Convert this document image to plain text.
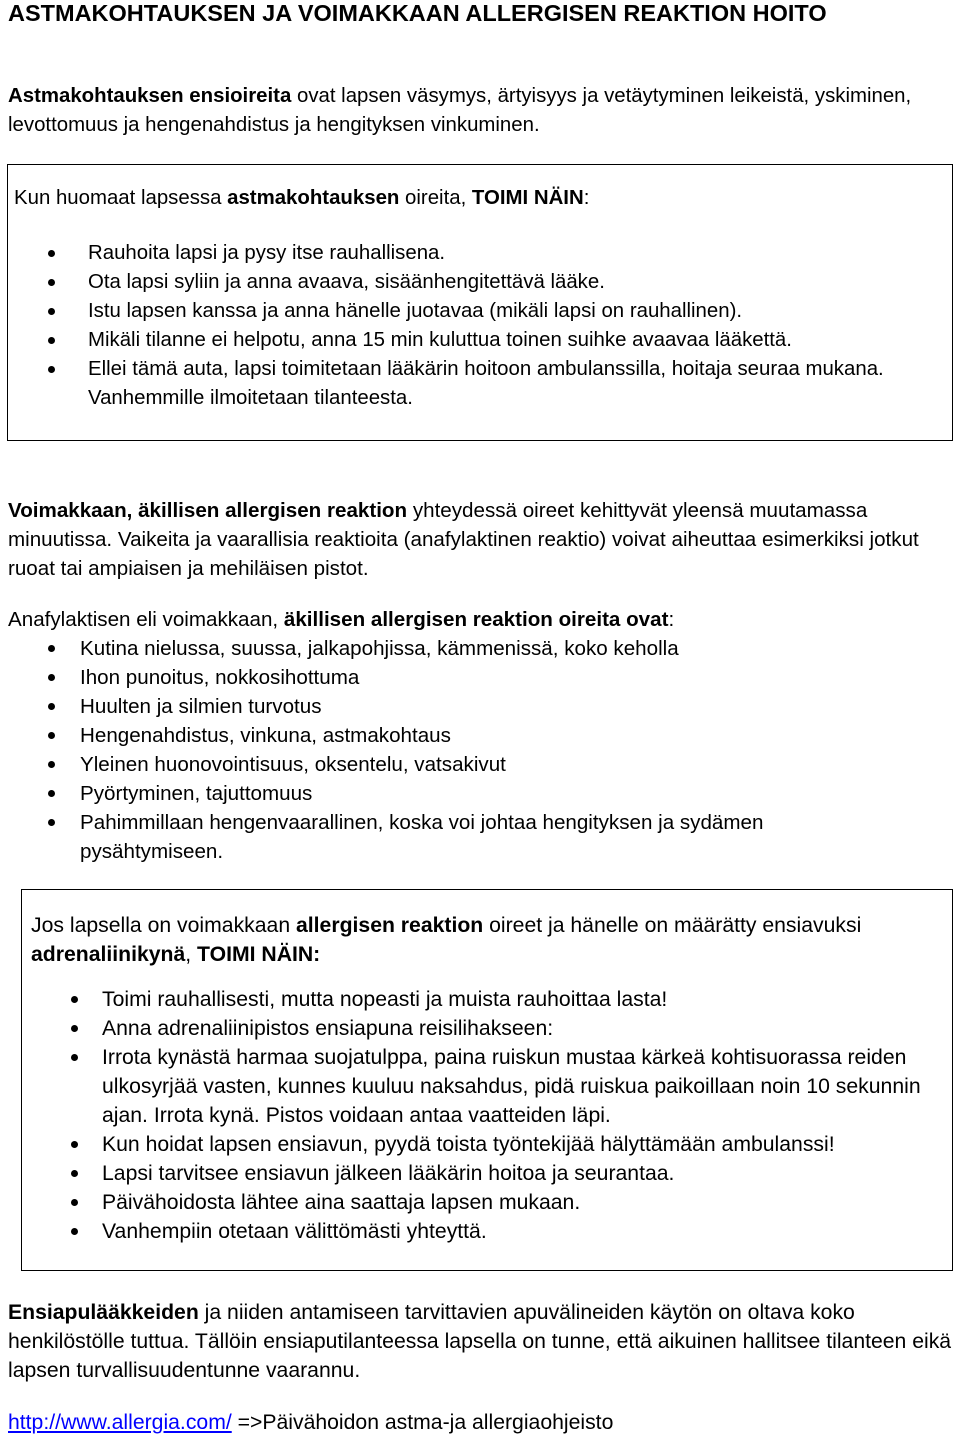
ASTMAKOHTAUKSEN JA VOIMAKKAAN ALLERGISEN REAKTION HOITO

Astmakohtauksen ensioireita ovat lapsen väsymys, ärtyisyys ja vetäytyminen leikeistä, yskiminen, levottomuus ja hengenahdistus ja hengityksen vinkuminen.

Kun huomaat lapsessa astmakohtauksen oireita, TOIMI NÄIN:

Rauhoita lapsi ja pysy itse rauhallisena.
Ota lapsi syliin ja anna avaava, sisäänhengitettävä lääke.
Istu lapsen kanssa ja anna hänelle juotavaa (mikäli lapsi on rauhallinen).
Mikäli tilanne ei helpotu, anna 15 min kuluttua toinen suihke avaavaa lääkettä.
Ellei tämä auta, lapsi toimitetaan lääkärin hoitoon ambulanssilla, hoitaja seuraa mukana. Vanhemmille ilmoitetaan tilanteesta.

Voimakkaan, äkillisen allergisen reaktion yhteydessä oireet kehittyvät yleensä muutamassa minuutissa. Vaikeita ja vaarallisia reaktioita (anafylaktinen reaktio) voivat aiheuttaa esimerkiksi jotkut ruoat tai ampiaisen ja mehiläisen pistot.

Anafylaktisen eli voimakkaan, äkillisen allergisen reaktion oireita ovat:

Kutina nielussa, suussa, jalkapohjissa, kämmenissä, koko keholla
Ihon punoitus, nokkosihottuma
Huulten ja silmien turvotus
Hengenahdistus, vinkuna, astmakohtaus
Yleinen huonovointisuus, oksentelu, vatsakivut
Pyörtyminen, tajuttomuus
Pahimmillaan hengenvaarallinen, koska voi johtaa hengityksen ja sydämen pysähtymiseen.

Jos lapsella on voimakkaan allergisen reaktion oireet ja hänelle on määrätty ensiavuksi adrenaliinikynä, TOIMI NÄIN:

Toimi rauhallisesti, mutta nopeasti ja muista rauhoittaa lasta!
Anna adrenaliinipistos ensiapuna reisilihakseen:
Irrota kynästä harmaa suojatulppa, paina ruiskun mustaa kärkeä kohtisuorassa reiden ulkosyrjää vasten, kunnes kuuluu naksahdus, pidä ruiskua paikoillaan noin 10 sekunnin ajan. Irrota kynä. Pistos voidaan antaa vaatteiden läpi.
Kun hoidat lapsen ensiavun, pyydä toista työntekijää hälyttämään ambulanssi!
Lapsi tarvitsee ensiavun jälkeen lääkärin hoitoa ja seurantaa.
Päivähoidosta lähtee aina saattaja lapsen mukaan.
Vanhempiin otetaan välittömästi yhteyttä.

Ensiapulääkkeiden ja niiden antamiseen tarvittavien apuvälineiden käytön on oltava koko henkilöstölle tuttua. Tällöin ensiaputilanteessa lapsella on tunne, että aikuinen hallitsee tilanteen eikä lapsen turvallisuudentunne vaarannu.

http://www.allergia.com/ =>Päivähoidon astma-ja allergiaohjeisto
